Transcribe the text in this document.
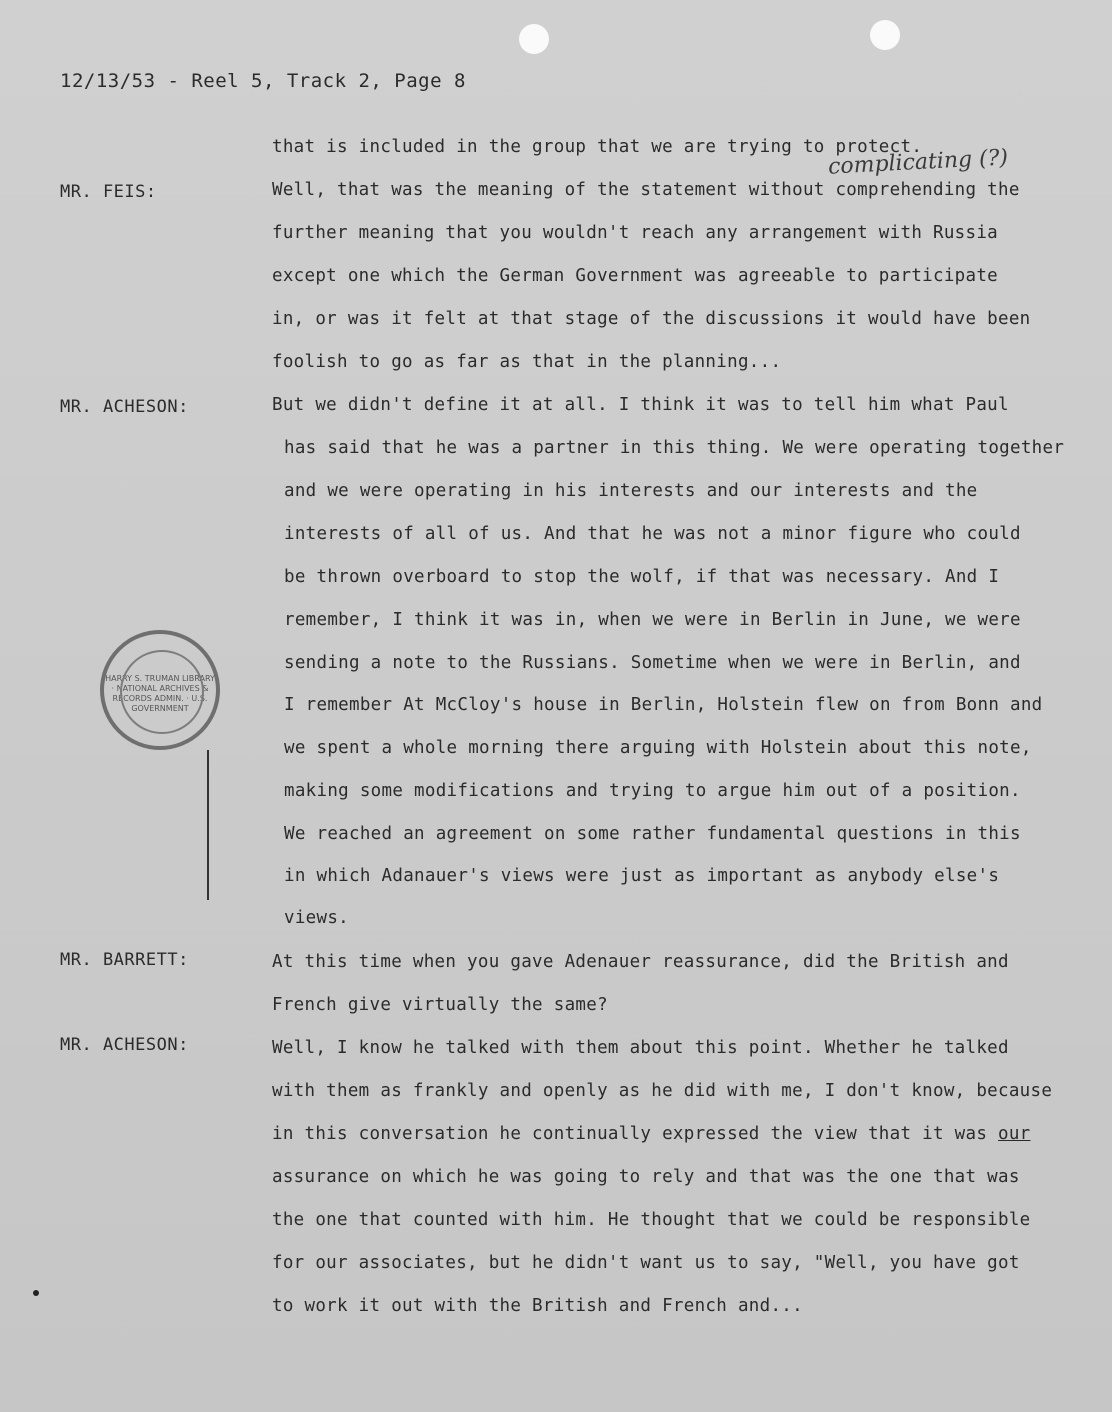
12/13/53 - Reel 5, Track 2, Page 8
complicating (?)
MR. FEIS:
MR. ACHESON:
MR. BARRETT:
MR. ACHESON:
that is included in the group that we are trying to protect.
Well, that was the meaning of the statement without comprehending the
further meaning that you wouldn't reach any arrangement with Russia
except one which the German Government was agreeable to participate
in, or was it felt at that stage of the discussions it would have been
foolish to go as far as that in the planning...
But we didn't define it at all. I think it was to tell him what Paul
has said that he was a partner in this thing. We were operating together
and we were operating in his interests and our interests and the
interests of all of us. And that he was not a minor figure who could
be thrown overboard to stop the wolf, if that was necessary. And I
remember, I think it was in, when we were in Berlin in June, we were
sending a note to the Russians. Sometime when we were in Berlin, and
I remember At McCloy's house in Berlin, Holstein flew on from Bonn and
we spent a whole morning there arguing with Holstein about this note,
making some modifications and trying to argue him out of a position.
We reached an agreement on some rather fundamental questions in this
in which Adanauer's views were just as important as anybody else's
views.
At this time when you gave Adenauer reassurance, did the British and
French give virtually the same?
Well, I know he talked with them about this point. Whether he talked
with them as frankly and openly as he did with me, I don't know, because
in this conversation he continually expressed the view that it was our
assurance on which he was going to rely and that was the one that was
the one that counted with him. He thought that we could be responsible
for our associates, but he didn't want us to say, "Well, you have got
to work it out with the British and French and...
HARRY S. TRUMAN LIBRARY · NATIONAL ARCHIVES & RECORDS ADMIN. · U.S. GOVERNMENT
